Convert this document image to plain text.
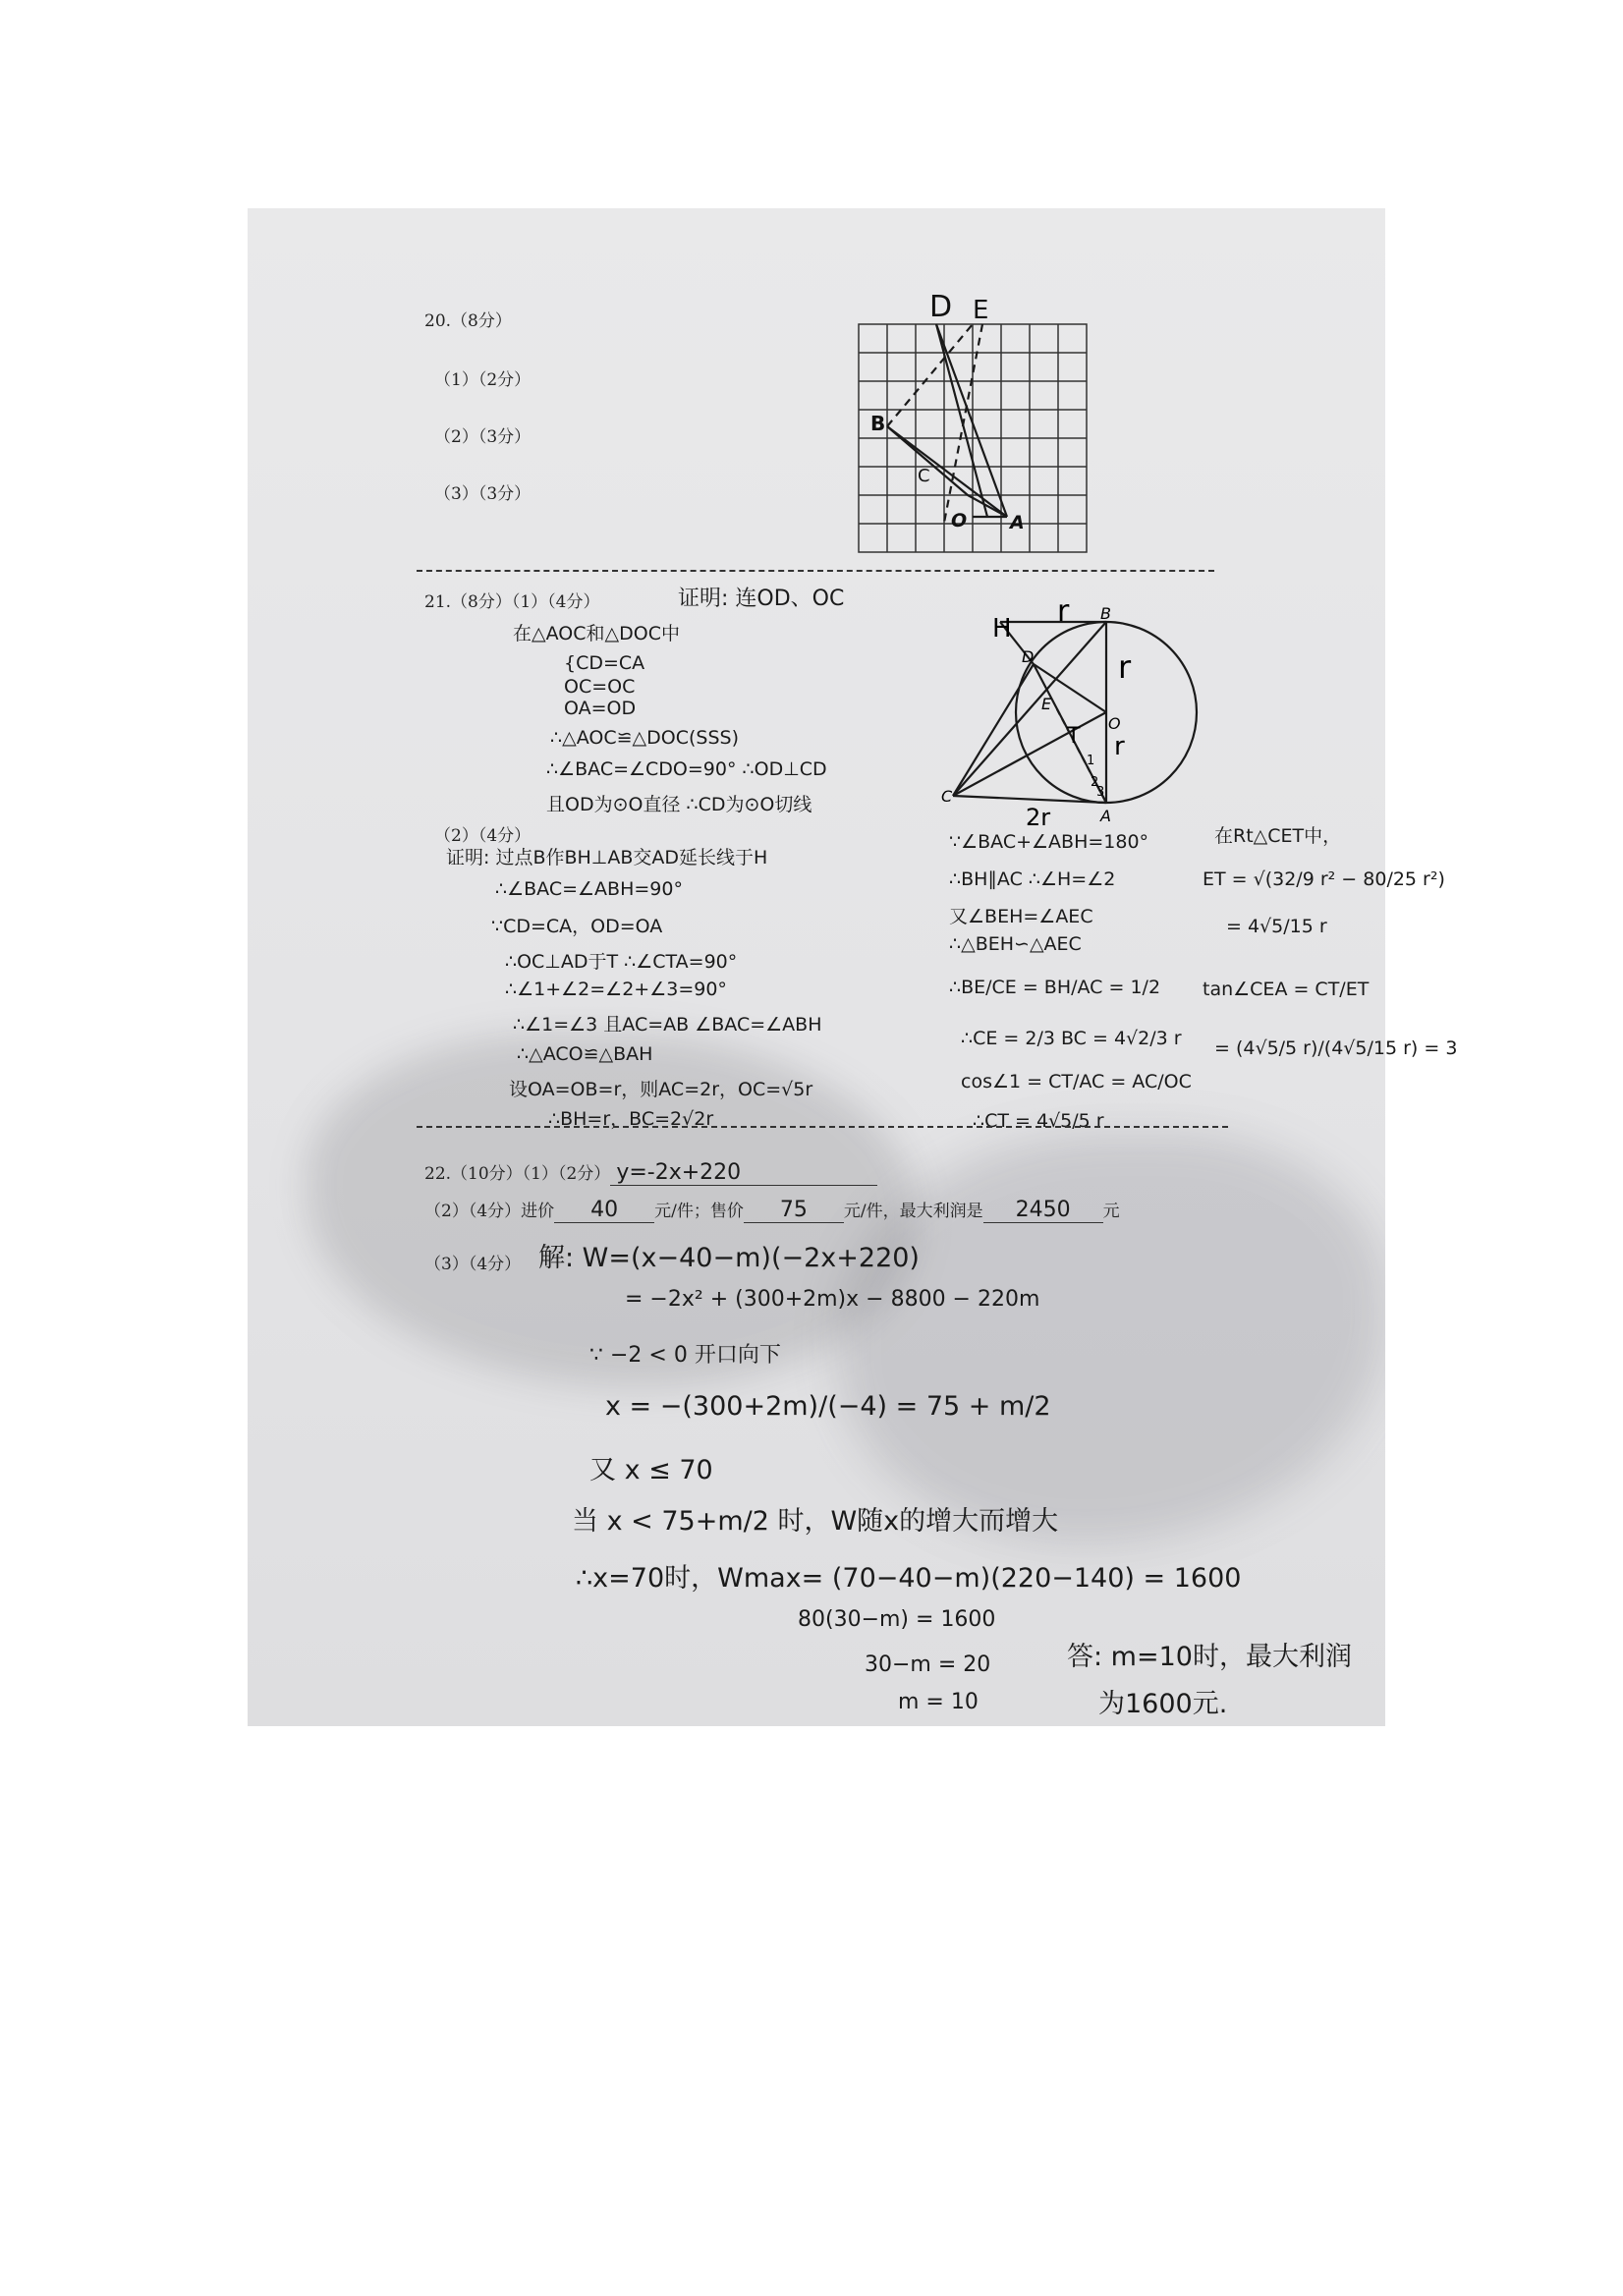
20.（8分）
（1）（2分）
（2）（3分）
（3）（3分）
D E
B
C
O A
21.（8分）（1）（4分）	证明: 连OD、OC
在△AOC和△DOC中
{CD=CA
OC=OC
OA=OD
∴△AOC≌△DOC(SSS)
∴∠BAC=∠CDO=90° ∴OD⊥CD
且OD为⊙O直径 ∴CD为⊙O切线
H r B
D	r
E
O
T r
C
A
2r
1
2
3
（2）（4分）
证明: 过点B作BH⊥AB交AD延长线于H
∴∠BAC=∠ABH=90°
∵CD=CA，OD=OA
∴OC⊥AD于T ∴∠CTA=90°
∴∠1+∠2=∠2+∠3=90°
∴∠1=∠3 且AC=AB ∠BAC=∠ABH
∴△ACO≌△BAH
设OA=OB=r，则AC=2r，OC=√5r
∴BH=r，BC=2√2r
∵∠BAC+∠ABH=180°
∴BH∥AC ∴∠H=∠2
又∠BEH=∠AEC
∴△BEH∽△AEC
∴BE/CE = BH/AC = 1/2
∴CE = 2/3 BC = 4√2/3 r
cos∠1 = CT/AC = AC/OC
∴CT = 4√5/5 r
在Rt△CET中，
ET = √(32/9 r² − 80/25 r²)
= 4√5/15 r
tan∠CEA = CT/ET
= (4√5/5 r)/(4√5/15 r) = 3
22.（10分）（1）（2分） y=-2x+220
（2）（4分）进价 40 元/件；售价 75 元/件，最大利润是 2450 元
（3）（4分） 解: W=(x−40−m)(−2x+220)
= −2x² + (300+2m)x − 8800 − 220m
∵ −2 < 0 开口向下
x = −(300+2m)/(−4) = 75 + m/2
又 x ≤ 70
当 x < 75+m/2 时，W随x的增大而增大
∴x=70时，Wmax= (70−40−m)(220−140) = 1600
80(30−m) = 1600
30−m = 20
m = 10
答: m=10时，最大利润
为1600元.
